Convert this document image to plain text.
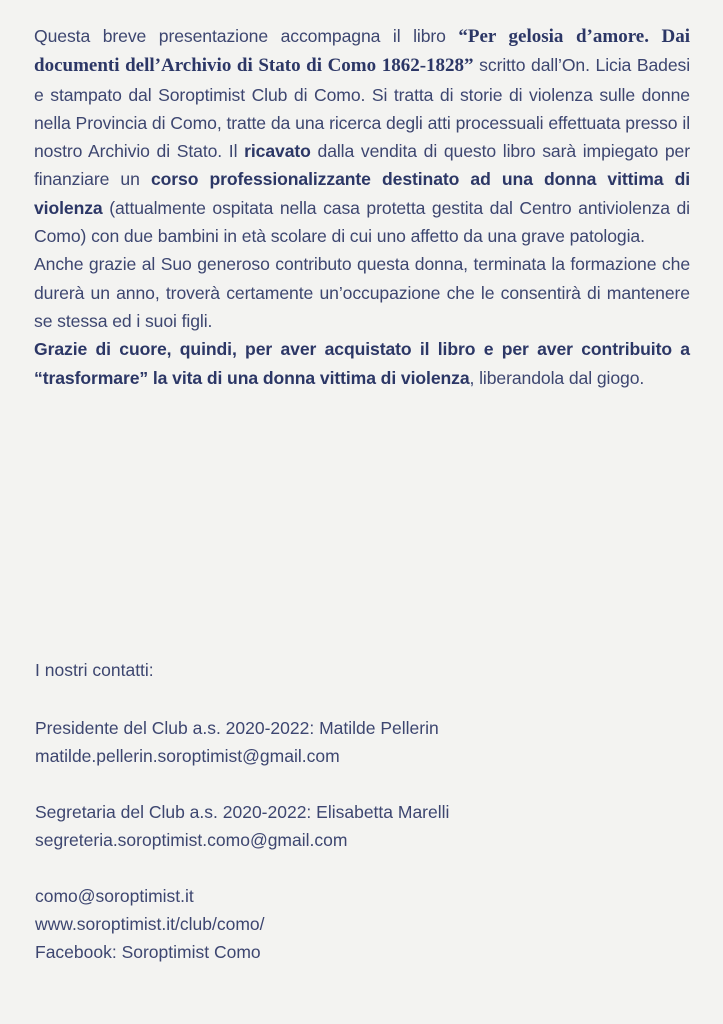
Questa breve presentazione accompagna il libro “Per gelosia d’amore. Dai documenti dell’Archivio di Stato di Como 1862-1828” scritto dall’On. Licia Badesi e stampato dal Soroptimist Club di Como. Si tratta di storie di violenza sulle donne nella Provincia di Como, tratte da una ricerca degli atti processuali effettuata presso il nostro Archivio di Stato. Il ricavato dalla vendita di questo libro sarà impiegato per finanziare un corso professionalizzante destinato ad una donna vittima di violenza (attualmente ospitata nella casa protetta gestita dal Centro antiviolenza di Como) con due bambini in età scolare di cui uno affetto da una grave patologia.
Anche grazie al Suo generoso contributo questa donna, terminata la formazione che durerà un anno, troverà certamente un’occupazione che le consentirà di mantenere se stessa ed i suoi figli.
Grazie di cuore, quindi, per aver acquistato il libro e per aver contribuito a “trasformare” la vita di una donna vittima di violenza, liberandola dal giogo.
I nostri contatti:
Presidente del Club a.s. 2020-2022: Matilde Pellerin
matilde.pellerin.soroptimist@gmail.com
Segretaria del Club a.s. 2020-2022: Elisabetta Marelli
segreteria.soroptimist.como@gmail.com
como@soroptimist.it
www.soroptimist.it/club/como/
Facebook: Soroptimist Como
